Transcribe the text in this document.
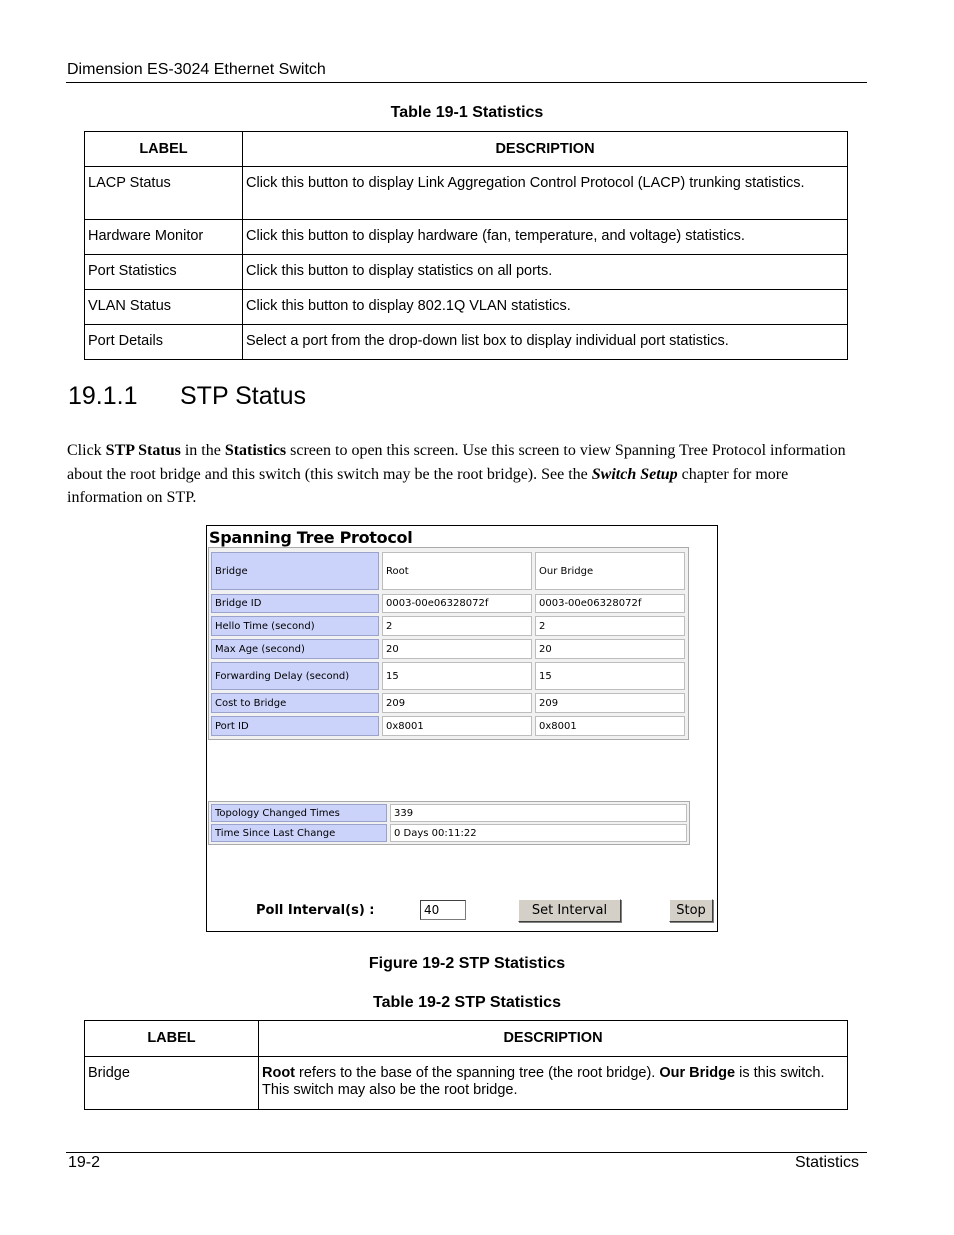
Dimension ES-3024 Ethernet Switch
Table 19-1 Statistics
LABEL	DESCRIPTION
LACP Status	Click this button to display Link Aggregation Control Protocol (LACP) trunking statistics.
Hardware Monitor	Click this button to display hardware (fan, temperature, and voltage) statistics.
Port Statistics	Click this button to display statistics on all ports.
VLAN Status	Click this button to display 802.1Q VLAN statistics.
Port Details	Select a port from the drop-down list box to display individual port statistics.
19.1.1 STP Status
Click STP Status in the Statistics screen to open this screen. Use this screen to view Spanning Tree Protocol information about the root bridge and this switch (this switch may be the root bridge). See the Switch Setup chapter for more information on STP.
Spanning Tree Protocol
Bridge	Root	Our Bridge
Bridge ID	0003-00e06328072f	0003-00e06328072f
Hello Time (second)	2	2
Max Age (second)	20	20
Forwarding Delay (second)	15	15
Cost to Bridge	209	209
Port ID	0x8001	0x8001
Topology Changed Times	339
Time Since Last Change	0 Days 00:11:22
Poll Interval(s) :	40	Set Interval	Stop
Figure 19-2 STP Statistics
Table 19-2 STP Statistics
LABEL	DESCRIPTION
Bridge	Root refers to the base of the spanning tree (the root bridge). Our Bridge is this switch. This switch may also be the root bridge.
19-2	Statistics
